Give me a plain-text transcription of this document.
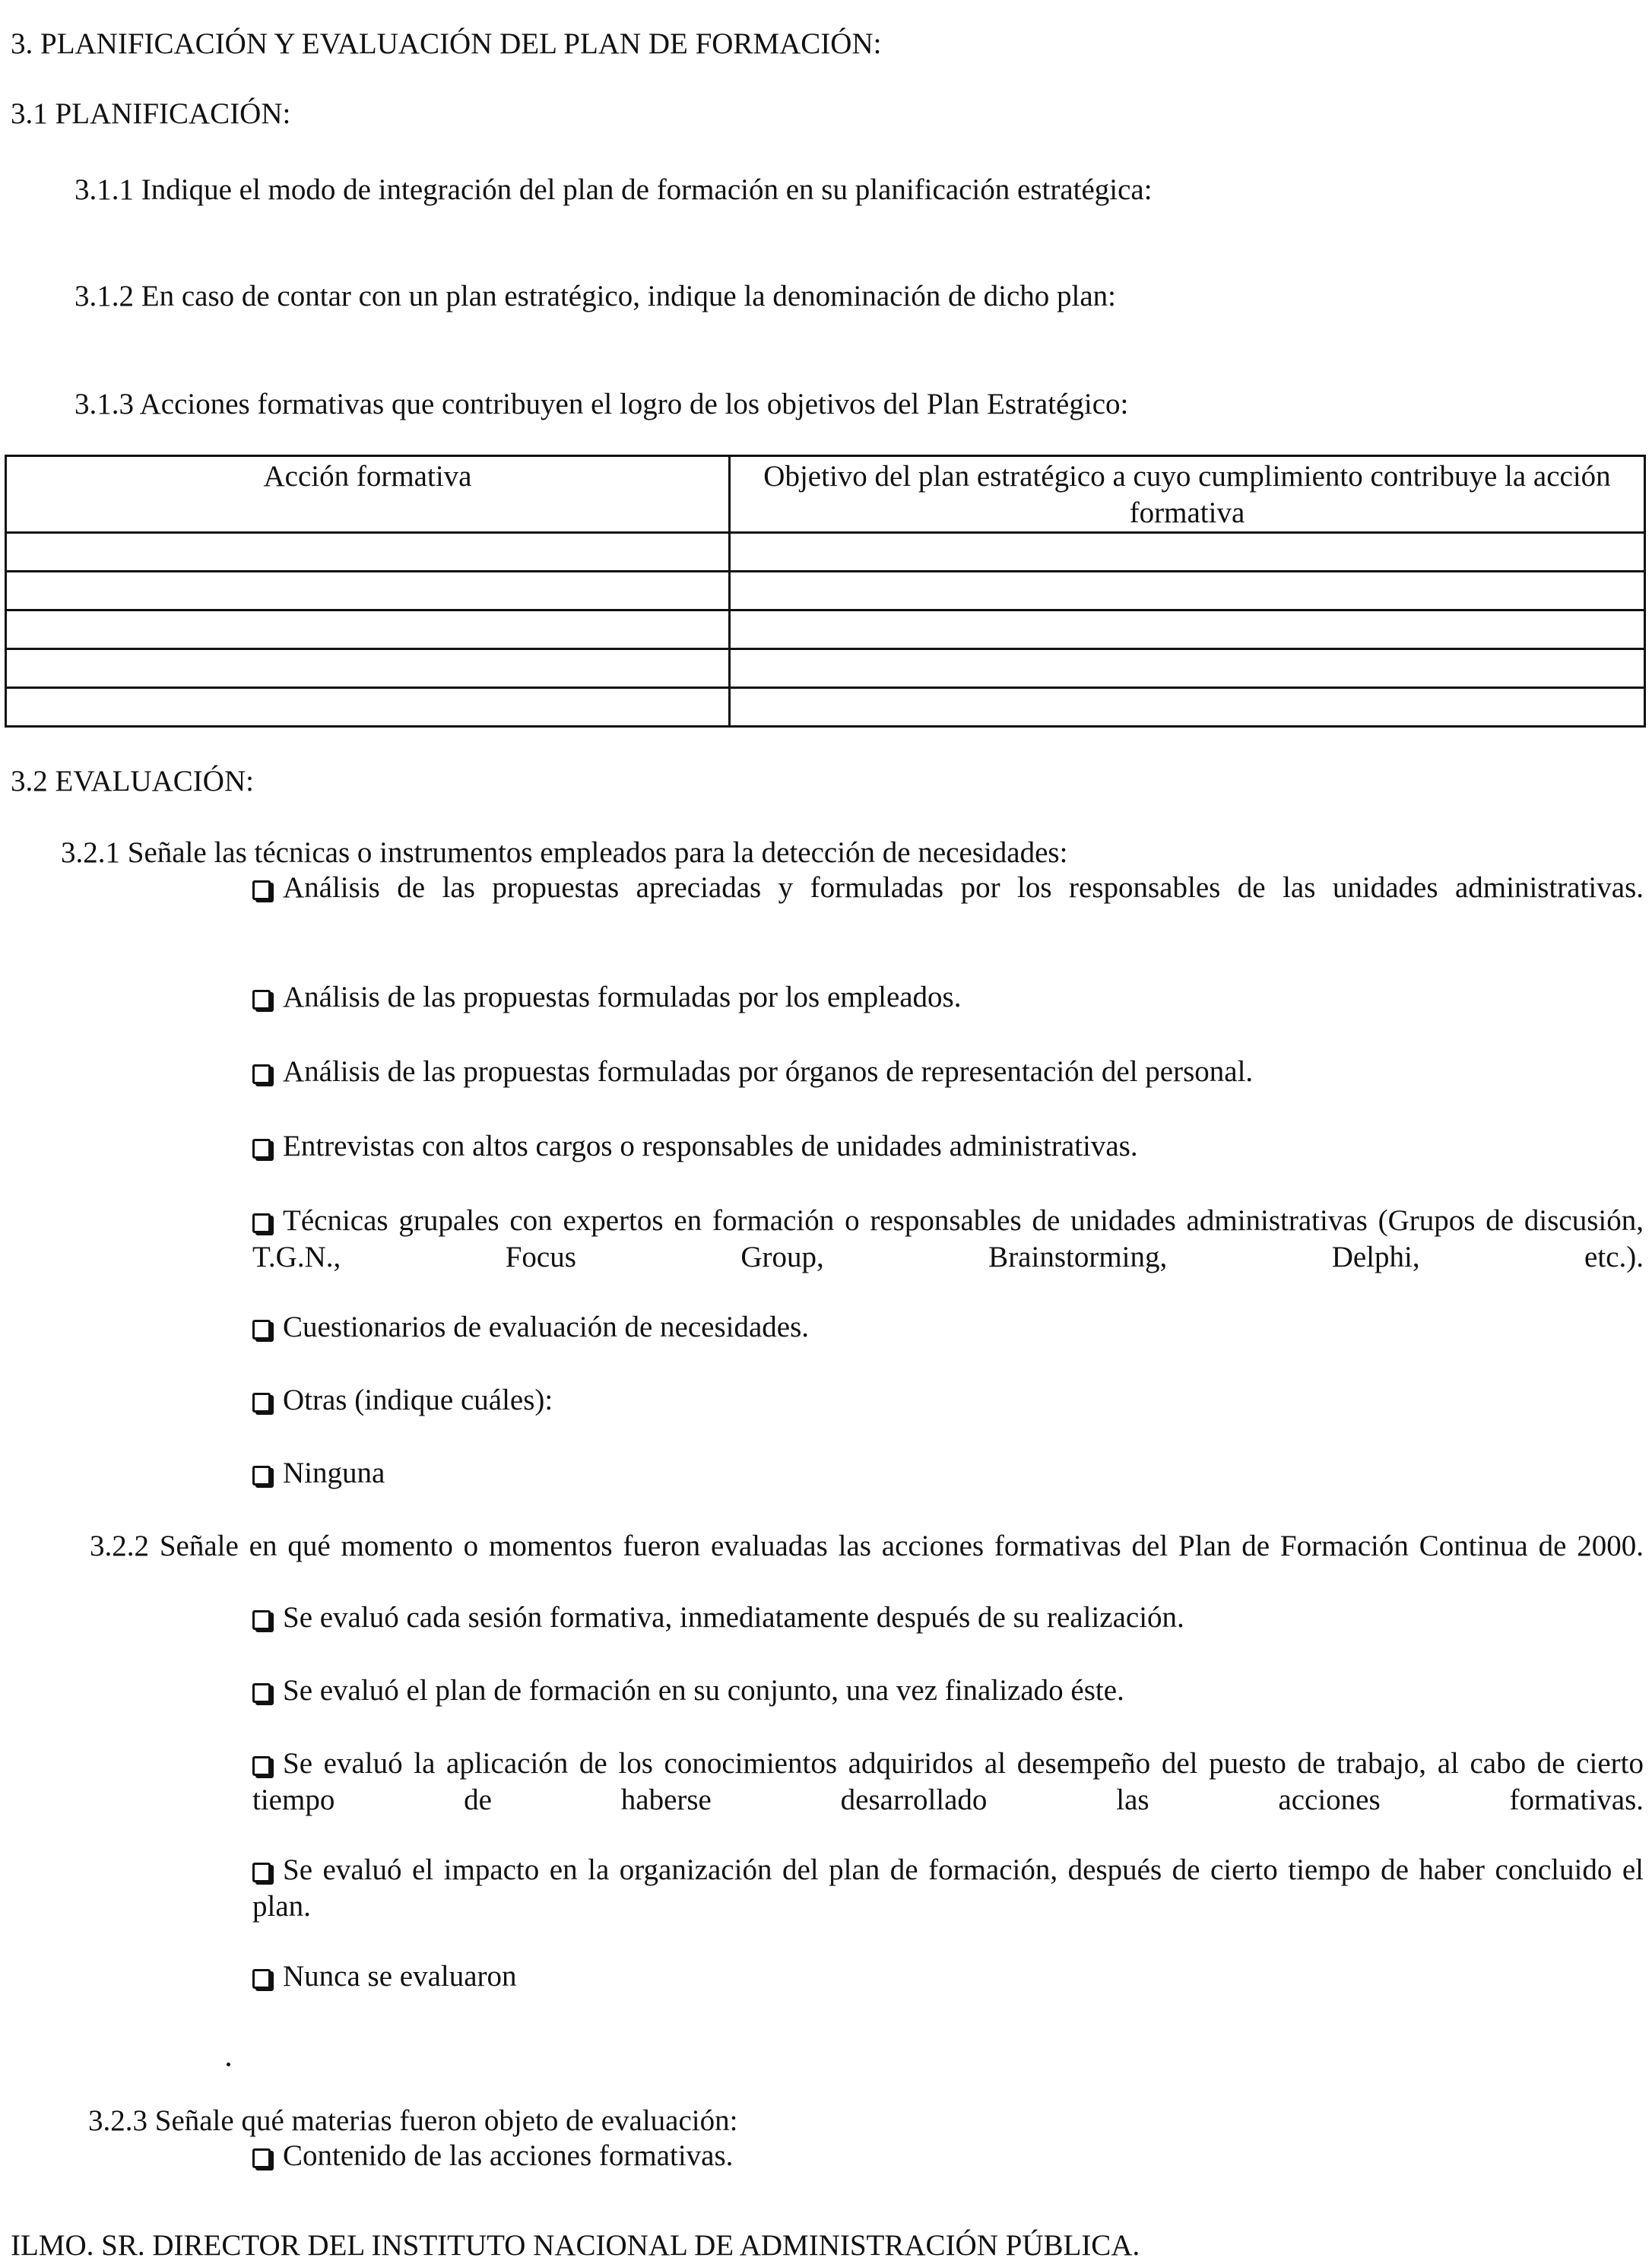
3. PLANIFICACIÓN Y EVALUACIÓN DEL PLAN DE FORMACIÓN:
3.1 PLANIFICACIÓN:
3.1.1 Indique el modo de integración del plan de formación en su planificación estratégica:
3.1.2 En caso de contar con un plan estratégico, indique la denominación de dicho plan:
3.1.3 Acciones formativas que contribuyen el logro de los objetivos del Plan Estratégico:
Acción formativa	Objetivo del plan estratégico a cuyo cumplimiento contribuye la acción formativa

3.2 EVALUACIÓN:
3.2.1 Señale las técnicas o instrumentos empleados para la detección de necesidades:
Análisis de las propuestas apreciadas y formuladas por los responsables de las unidades administrativas.
Análisis de las propuestas formuladas por los empleados.
Análisis de las propuestas formuladas por órganos de representación del personal.
Entrevistas con altos cargos o responsables de unidades administrativas.
Técnicas grupales con expertos en formación o responsables de unidades administrativas (Grupos de discusión, T.G.N., Focus Group, Brainstorming, Delphi, etc.).
Cuestionarios de evaluación de necesidades.
Otras (indique cuáles):
Ninguna
3.2.2 Señale en qué momento o momentos fueron evaluadas las acciones formativas del Plan de Formación Continua de 2000.
Se evaluó cada sesión formativa, inmediatamente después de su realización.
Se evaluó el plan de formación en su conjunto, una vez finalizado éste.
Se evaluó la aplicación de los conocimientos adquiridos al desempeño del puesto de trabajo, al cabo de cierto tiempo de haberse desarrollado las acciones formativas.
Se evaluó el impacto en la organización del plan de formación, después de cierto tiempo de haber concluido el plan.
Nunca se evaluaron
3.2.3 Señale qué materias fueron objeto de evaluación:
Contenido de las acciones formativas.
ILMO. SR. DIRECTOR DEL INSTITUTO NACIONAL DE ADMINISTRACIÓN PÚBLICA.
